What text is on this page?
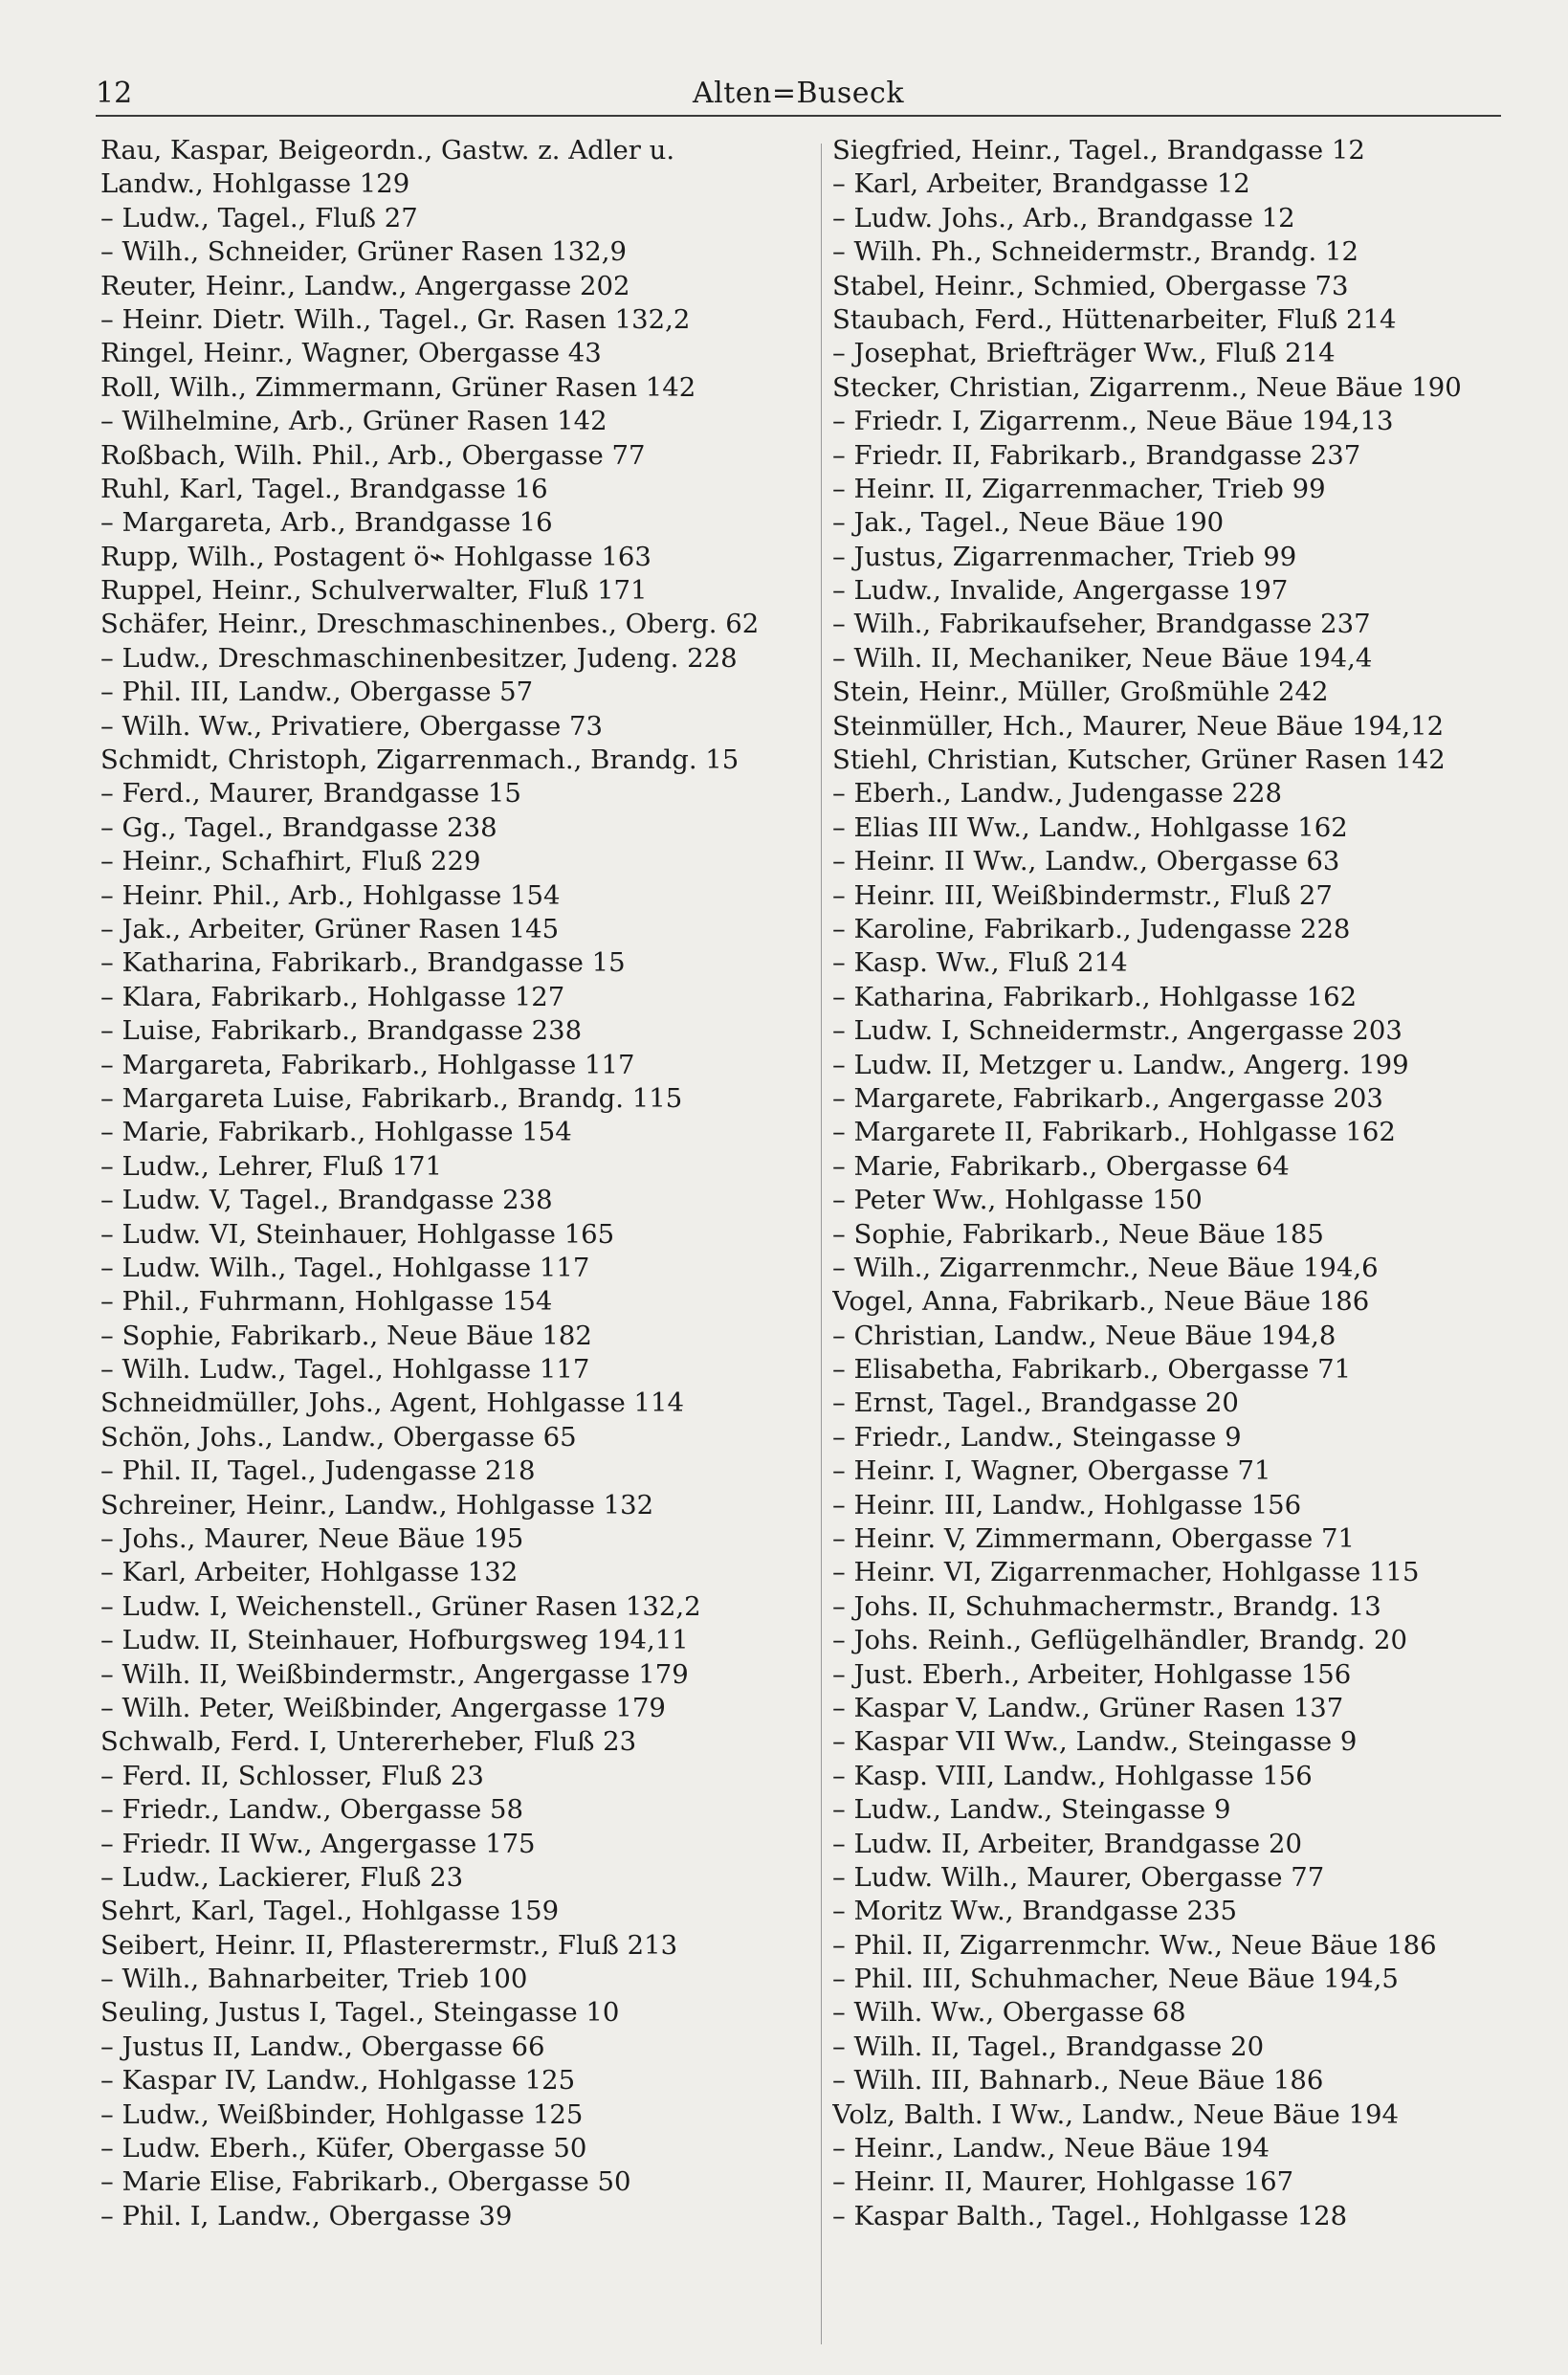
12	Alten=Buseck
Rau, Kaspar, Beigeordn., Gastw. z. Adler u.
Landw., Hohlgasse 129
– Ludw., Tagel., Fluß 27
– Wilh., Schneider, Grüner Rasen 132,9
Reuter, Heinr., Landw., Angergasse 202
– Heinr. Dietr. Wilh., Tagel., Gr. Rasen 132,2
Ringel, Heinr., Wagner, Obergasse 43
Roll, Wilh., Zimmermann, Grüner Rasen 142
– Wilhelmine, Arb., Grüner Rasen 142
Roßbach, Wilh. Phil., Arb., Obergasse 77
Ruhl, Karl, Tagel., Brandgasse 16
– Margareta, Arb., Brandgasse 16
Rupp, Wilh., Postagent ö⌁ Hohlgasse 163
Ruppel, Heinr., Schulverwalter, Fluß 171
Schäfer, Heinr., Dreschmaschinenbes., Oberg. 62
– Ludw., Dreschmaschinenbesitzer, Judeng. 228
– Phil. III, Landw., Obergasse 57
– Wilh. Ww., Privatiere, Obergasse 73
Schmidt, Christoph, Zigarrenmach., Brandg. 15
– Ferd., Maurer, Brandgasse 15
– Gg., Tagel., Brandgasse 238
– Heinr., Schafhirt, Fluß 229
– Heinr. Phil., Arb., Hohlgasse 154
– Jak., Arbeiter, Grüner Rasen 145
– Katharina, Fabrikarb., Brandgasse 15
– Klara, Fabrikarb., Hohlgasse 127
– Luise, Fabrikarb., Brandgasse 238
– Margareta, Fabrikarb., Hohlgasse 117
– Margareta Luise, Fabrikarb., Brandg. 115
– Marie, Fabrikarb., Hohlgasse 154
– Ludw., Lehrer, Fluß 171
– Ludw. V, Tagel., Brandgasse 238
– Ludw. VI, Steinhauer, Hohlgasse 165
– Ludw. Wilh., Tagel., Hohlgasse 117
– Phil., Fuhrmann, Hohlgasse 154
– Sophie, Fabrikarb., Neue Bäue 182
– Wilh. Ludw., Tagel., Hohlgasse 117
Schneidmüller, Johs., Agent, Hohlgasse 114
Schön, Johs., Landw., Obergasse 65
– Phil. II, Tagel., Judengasse 218
Schreiner, Heinr., Landw., Hohlgasse 132
– Johs., Maurer, Neue Bäue 195
– Karl, Arbeiter, Hohlgasse 132
– Ludw. I, Weichenstell., Grüner Rasen 132,2
– Ludw. II, Steinhauer, Hofburgsweg 194,11
– Wilh. II, Weißbindermstr., Angergasse 179
– Wilh. Peter, Weißbinder, Angergasse 179
Schwalb, Ferd. I, Untererheber, Fluß 23
– Ferd. II, Schlosser, Fluß 23
– Friedr., Landw., Obergasse 58
– Friedr. II Ww., Angergasse 175
– Ludw., Lackierer, Fluß 23
Sehrt, Karl, Tagel., Hohlgasse 159
Seibert, Heinr. II, Pflasterermstr., Fluß 213
– Wilh., Bahnarbeiter, Trieb 100
Seuling, Justus I, Tagel., Steingasse 10
– Justus II, Landw., Obergasse 66
– Kaspar IV, Landw., Hohlgasse 125
– Ludw., Weißbinder, Hohlgasse 125
– Ludw. Eberh., Küfer, Obergasse 50
– Marie Elise, Fabrikarb., Obergasse 50
– Phil. I, Landw., Obergasse 39
Siegfried, Heinr., Tagel., Brandgasse 12
– Karl, Arbeiter, Brandgasse 12
– Ludw. Johs., Arb., Brandgasse 12
– Wilh. Ph., Schneidermstr., Brandg. 12
Stabel, Heinr., Schmied, Obergasse 73
Staubach, Ferd., Hüttenarbeiter, Fluß 214
– Josephat, Briefträger Ww., Fluß 214
Stecker, Christian, Zigarrenm., Neue Bäue 190
– Friedr. I, Zigarrenm., Neue Bäue 194,13
– Friedr. II, Fabrikarb., Brandgasse 237
– Heinr. II, Zigarrenmacher, Trieb 99
– Jak., Tagel., Neue Bäue 190
– Justus, Zigarrenmacher, Trieb 99
– Ludw., Invalide, Angergasse 197
– Wilh., Fabrikaufseher, Brandgasse 237
– Wilh. II, Mechaniker, Neue Bäue 194,4
Stein, Heinr., Müller, Großmühle 242
Steinmüller, Hch., Maurer, Neue Bäue 194,12
Stiehl, Christian, Kutscher, Grüner Rasen 142
– Eberh., Landw., Judengasse 228
– Elias III Ww., Landw., Hohlgasse 162
– Heinr. II Ww., Landw., Obergasse 63
– Heinr. III, Weißbindermstr., Fluß 27
– Karoline, Fabrikarb., Judengasse 228
– Kasp. Ww., Fluß 214
– Katharina, Fabrikarb., Hohlgasse 162
– Ludw. I, Schneidermstr., Angergasse 203
– Ludw. II, Metzger u. Landw., Angerg. 199
– Margarete, Fabrikarb., Angergasse 203
– Margarete II, Fabrikarb., Hohlgasse 162
– Marie, Fabrikarb., Obergasse 64
– Peter Ww., Hohlgasse 150
– Sophie, Fabrikarb., Neue Bäue 185
– Wilh., Zigarrenmchr., Neue Bäue 194,6
Vogel, Anna, Fabrikarb., Neue Bäue 186
– Christian, Landw., Neue Bäue 194,8
– Elisabetha, Fabrikarb., Obergasse 71
– Ernst, Tagel., Brandgasse 20
– Friedr., Landw., Steingasse 9
– Heinr. I, Wagner, Obergasse 71
– Heinr. III, Landw., Hohlgasse 156
– Heinr. V, Zimmermann, Obergasse 71
– Heinr. VI, Zigarrenmacher, Hohlgasse 115
– Johs. II, Schuhmachermstr., Brandg. 13
– Johs. Reinh., Geflügelhändler, Brandg. 20
– Just. Eberh., Arbeiter, Hohlgasse 156
– Kaspar V, Landw., Grüner Rasen 137
– Kaspar VII Ww., Landw., Steingasse 9
– Kasp. VIII, Landw., Hohlgasse 156
– Ludw., Landw., Steingasse 9
– Ludw. II, Arbeiter, Brandgasse 20
– Ludw. Wilh., Maurer, Obergasse 77
– Moritz Ww., Brandgasse 235
– Phil. II, Zigarrenmchr. Ww., Neue Bäue 186
– Phil. III, Schuhmacher, Neue Bäue 194,5
– Wilh. Ww., Obergasse 68
– Wilh. II, Tagel., Brandgasse 20
– Wilh. III, Bahnarb., Neue Bäue 186
Volz, Balth. I Ww., Landw., Neue Bäue 194
– Heinr., Landw., Neue Bäue 194
– Heinr. II, Maurer, Hohlgasse 167
– Kaspar Balth., Tagel., Hohlgasse 128
